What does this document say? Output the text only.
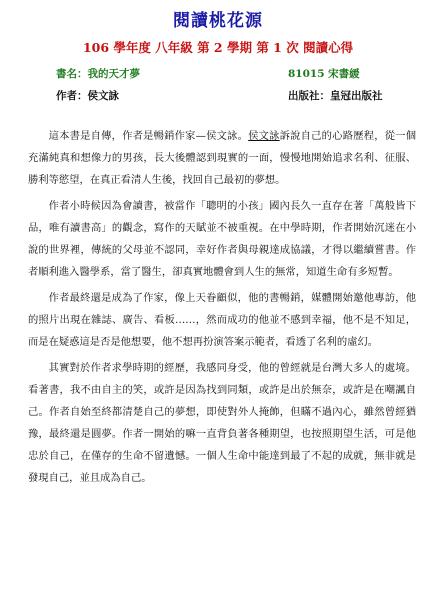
閱讀桃花源
106 學年度 八年級 第 2 學期 第 1 次 閱讀心得
書名：我的天才夢	81015 宋書緩
作者：侯文詠	出版社：皇冠出版社

這本書是自傳，作者是暢銷作家—侯文詠。侯文詠訴說自己的心路歷程，從一個充滿純真和想像力的男孩，長大後體認到現實的一面，慢慢地開始追求名利、征服、勝利等慾望，在真正看清人生後，找回自己最初的夢想。

作者小時候因為會讀書，被當作「聰明的小孩」國內長久一直存在著「萬般皆下品，唯有讀書高」的觀念，寫作的天賦並不被重視。在中學時期，作者開始沉迷在小說的世界裡，傳統的父母並不認同，幸好作者與母親達成協議，才得以繼續嘗書。作者順利進入醫學系，當了醫生，卻真實地體會到人生的無常，知道生命有多短暫。

作者最終還是成為了作家，像上天眷顧似，他的書暢銷，媒體開始邀他專訪，他的照片出現在雜誌、廣告、看板……，然而成功的他並不感到幸福，他不是不知足，而是在疑惑這是否是他想要，他不想再扮演答案示範者，看透了名利的虛幻。

其實對於作者求學時期的經歷，我感同身受，他的曾經就是台灣大多人的處境。看著書，我不由自主的笑，或許是因為找到同類，或許是出於無奈，或許是在嘲諷自己。作者自始至終都清楚自己的夢想，即使對外人掩飾，但瞞不過內心，雖然曾經猶豫，最終還是圓夢。作者一開始的嘛一直背負著各種期望，也按照期望生活，可是他忠於自己，在僅存的生命不留遺憾。一個人生命中能達到最了不起的成就，無非就是發現自己，並且成為自己。
